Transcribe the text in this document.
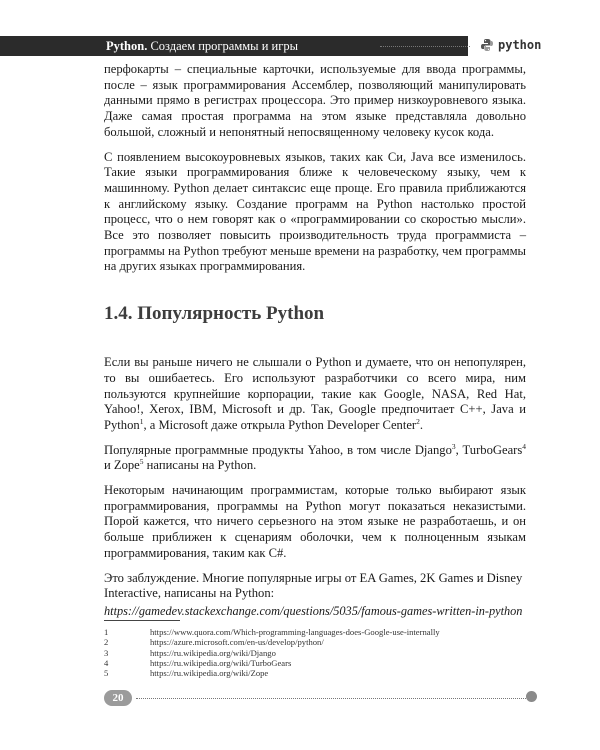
Python. Создаем программы и игры	python

перфокарты – специальные карточки, используемые для ввода программы, после – язык программирования Ассемблер, позволяющий манипулировать данными прямо в регистрах процессора. Это пример низкоуровневого языка. Даже самая простая программа на этом языке представляла довольно большой, сложный и непонятный непосвященному человеку кусок кода.

С появлением высокоуровневых языков, таких как Си, Java все изменилось. Такие языки программирования ближе к человеческому языку, чем к машинному. Python делает синтаксис еще проще. Его правила приближаются к английскому языку. Создание программ на Python настолько простой процесс, что о нем говорят как о «программировании со скоростью мысли». Все это позволяет повысить производительность труда программиста – программы на Python требуют меньше времени на разработку, чем программы на других языках программирования.

1.4. Популярность Python

Если вы раньше ничего не слышали о Python и думаете, что он непопулярен, то вы ошибаетесь. Его используют разработчики со всего мира, ним пользуются крупнейшие корпорации, такие как Google, NASA, Red Hat, Yahoo!, Xerox, IBM, Microsoft и др. Так, Google предпочитает C++, Java и Python$^1$, а Microsoft даже открыла Python Developer Center$^2$.

Популярные программные продукты Yahoo, в том числе Django$^3$, TurboGears$^4$ и Zope$^5$ написаны на Python.

Некоторым начинающим программистам, которые только выбирают язык программирования, программы на Python могут показаться неказистыми. Порой кажется, что ничего серьезного на этом языке не разработаешь, и он больше приближен к сценариям оболочки, чем к полноценным языкам программирования, таким как C#.

Это заблуждение. Многие популярные игры от EA Games, 2K Games и Disney Interactive, написаны на Python:

https://gamedev.stackexchange.com/questions/5035/famous-games-written-in-python
1	https://www.quora.com/Which-programming-languages-does-Google-use-internally
2	https://azure.microsoft.com/en-us/develop/python/
3	https://ru.wikipedia.org/wiki/Django
4	https://ru.wikipedia.org/wiki/TurboGears
5	https://ru.wikipedia.org/wiki/Zope
20
